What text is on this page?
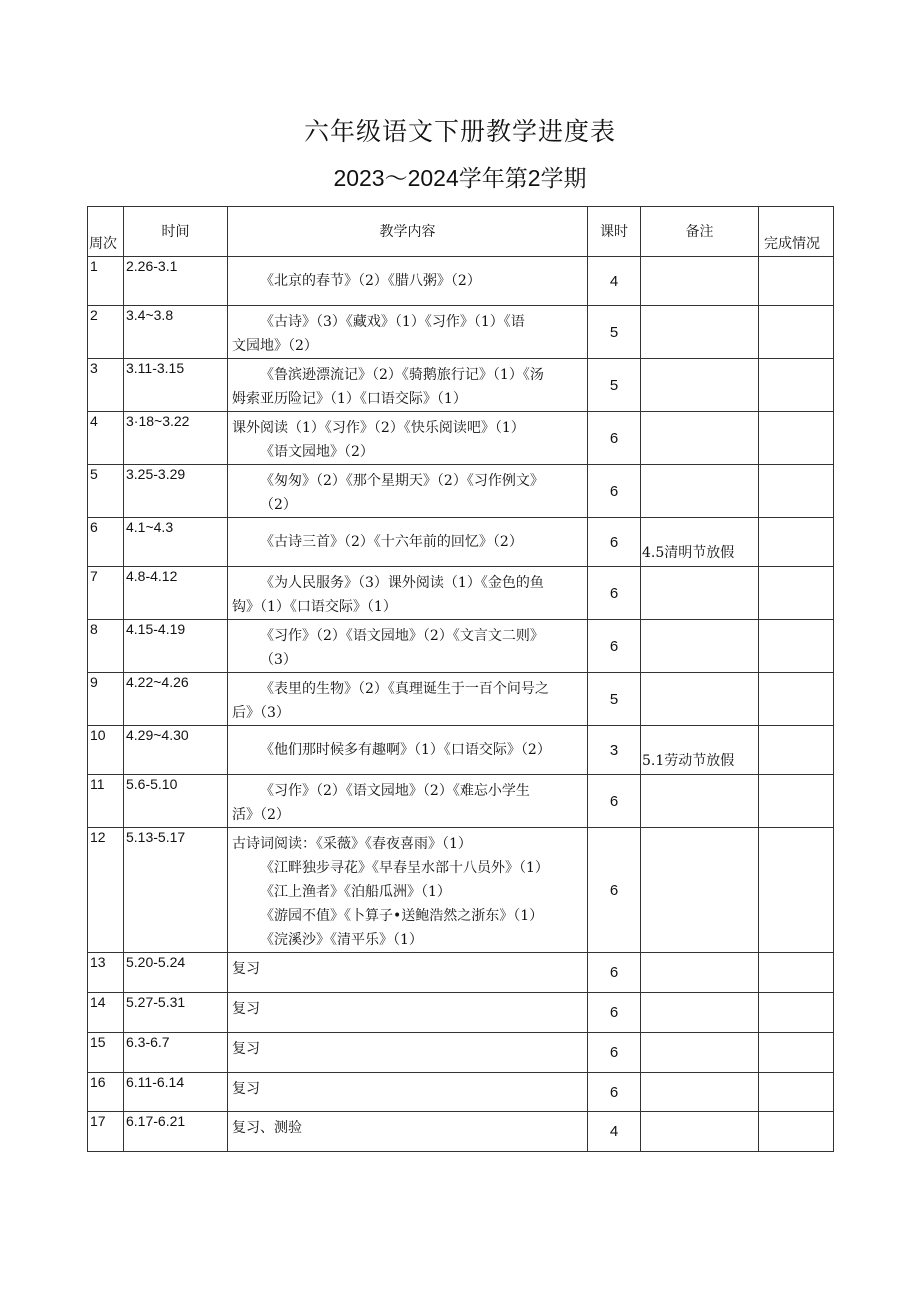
六年级语文下册教学进度表
2023〜2024学年第2学期
周次	时间	教学内容	课时	备注	完成情况

1	2.26-3.1	《北京的春节》（2）《腊八粥》（2）	4		
2	3.4~3.8	《古诗》（3）《藏戏》（1）《习作》（1）《语
文园地》（2）	5		
3	3.11-3.15	《鲁滨逊漂流记》（2）《骑鹅旅行记》（1）《汤
姆索亚历险记》（1）《口语交际》（1）	5		
4	3·18~3.22	课外阅读（1）《习作》（2）《快乐阅读吧》（1）
《语文园地》（2）	6		
5	3.25-3.29	《匆匆》（2）《那个星期天》（2）《习作例文》
（2）	6		
6	4.1~4.3	《古诗三首》（2）《十六年前的回忆》（2）	6	4.5清明节放假	
7	4.8-4.12	《为人民服务》（3）课外阅读（1）《金色的鱼
钩》（1）《口语交际》（1）	6		
8	4.15-4.19	《习作》（2）《语文园地》（2）《文言文二则》
（3）	6		
9	4.22~4.26	《表里的生物》（2）《真理诞生于一百个问号之
后》（3）	5		
10	4.29~4.30	《他们那时候多有趣啊》（1）《口语交际》（2）	3	5.1劳动节放假	
11	5.6-5.10	《习作》（2）《语文园地》（2）《难忘小学生
活》（2）	6		
12	5.13-5.17	古诗词阅读：《采薇》《春夜喜雨》（1）
《江畔独步寻花》《早春呈水部十八员外》（1）
《江上渔者》《泊船瓜洲》（1）
《游园不值》《卜算子•送鲍浩然之浙东》（1）
《浣溪沙》《清平乐》（1）	6		
13	5.20-5.24	复习	6		
14	5.27-5.31	复习	6		
15	6.3-6.7	复习	6		
16	6.11-6.14	复习	6		
17	6.17-6.21	复习、测验	4		
